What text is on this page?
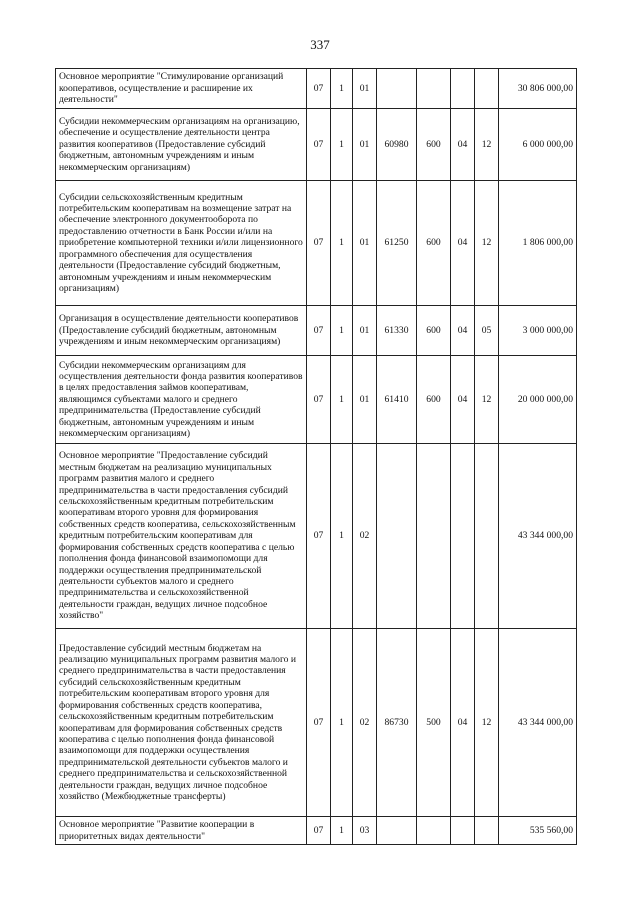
337
Основное мероприятие "Стимулирование организаций кооперативов, осуществление и расширение их деятельности"	07	1	01					30 806 000,00
Субсидии некоммерческим организациям на организацию, обеспечение и осуществление деятельности центра развития кооперативов (Предоставление субсидий бюджетным, автономным учреждениям и иным некоммерческим организациям)	07	1	01	60980	600	04	12	6 000 000,00
Субсидии сельскохозяйственным кредитным потребительским кооперативам на возмещение затрат на обеспечение электронного документооборота по предоставлению отчетности в Банк России и/или на приобретение компьютерной техники и/или лицензионного программного обеспечения для осуществления деятельности (Предоставление субсидий бюджетным, автономным учреждениям и иным некоммерческим организациям)	07	1	01	61250	600	04	12	1 806 000,00
Организация в осуществление деятельности кооперативов (Предоставление субсидий бюджетным, автономным учреждениям и иным некоммерческим организациям)	07	1	01	61330	600	04	05	3 000 000,00
Субсидии некоммерческим организациям для осуществления деятельности фонда развития кооперативов в целях предоставления займов кооперативам, являющимся субъектами малого и среднего предпринимательства (Предоставление субсидий бюджетным, автономным учреждениям и иным некоммерческим организациям)	07	1	01	61410	600	04	12	20 000 000,00
Основное мероприятие "Предоставление субсидий местным бюджетам на реализацию муниципальных программ развития малого и среднего предпринимательства в части предоставления субсидий сельскохозяйственным кредитным потребительским кооперативам второго уровня для формирования собственных средств кооператива, сельскохозяйственным кредитным потребительским кооперативам для формирования собственных средств кооператива с целью пополнения фонда финансовой взаимопомощи для поддержки осуществления предпринимательской деятельности субъектов малого и среднего предпринимательства и сельскохозяйственной деятельности граждан, ведущих личное подсобное хозяйство"	07	1	02					43 344 000,00
Предоставление субсидий местным бюджетам на реализацию муниципальных программ развития малого и среднего предпринимательства в части предоставления субсидий сельскохозяйственным кредитным потребительским кооперативам второго уровня для формирования собственных средств кооператива, сельскохозяйственным кредитным потребительским кооперативам для формирования собственных средств кооператива с целью пополнения фонда финансовой взаимопомощи для поддержки осуществления предпринимательской деятельности субъектов малого и среднего предпринимательства и сельскохозяйственной деятельности граждан, ведущих личное подсобное хозяйство (Межбюджетные трансферты)	07	1	02	86730	500	04	12	43 344 000,00
Основное мероприятие "Развитие кооперации в приоритетных видах деятельности"	07	1	03					535 560,00
